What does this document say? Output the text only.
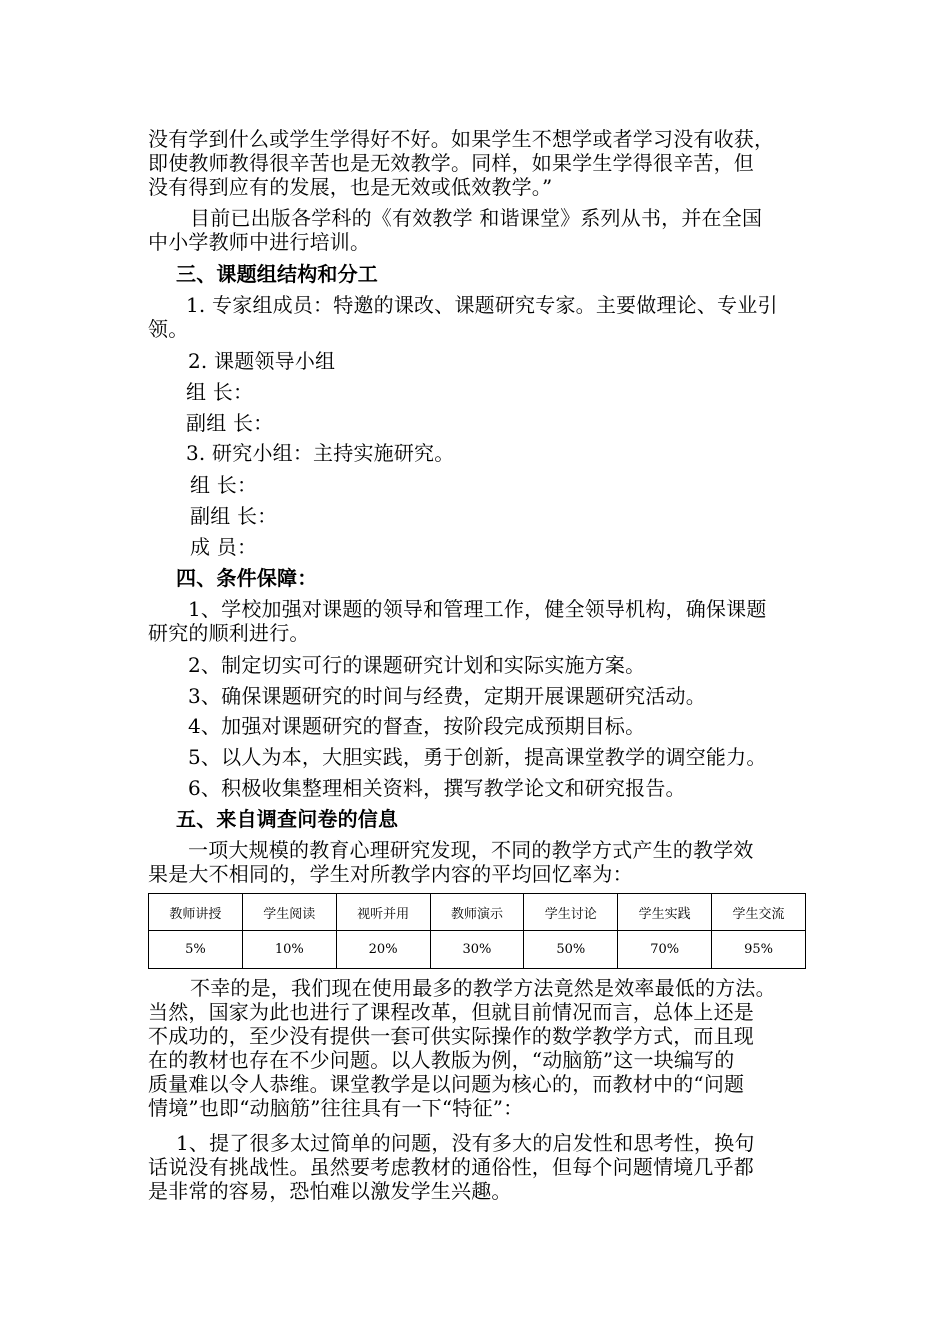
没有学到什么或学生学得好不好。如果学生不想学或者学习没有收获，
即使教师教得很辛苦也是无效教学。同样，如果学生学得很辛苦，但
没有得到应有的发展，也是无效或低效教学。”
目前已出版各学科的《有效教学 和谐课堂》系列从书，并在全国
中小学教师中进行培训。
三、课题组结构和分工
1. 专家组成员：特邀的课改、课题研究专家。主要做理论、专业引
领。
2. 课题领导小组
组 长：
副组 长：
3. 研究小组：主持实施研究。
组 长：
副组 长：
成 员：
四、条件保障：
1、学校加强对课题的领导和管理工作，健全领导机构，确保课题
研究的顺利进行。
2、制定切实可行的课题研究计划和实际实施方案。
3、确保课题研究的时间与经费，定期开展课题研究活动。
4、加强对课题研究的督查，按阶段完成预期目标。
5、以人为本，大胆实践，勇于创新，提高课堂教学的调空能力。
6、积极收集整理相关资料，撰写教学论文和研究报告。
五、来自调查问卷的信息
一项大规模的教育心理研究发现，不同的教学方式产生的教学效
果是大不相同的，学生对所教学内容的平均回忆率为：
教师讲授	学生阅读	视听并用	教师演示	学生讨论	学生实践	学生交流
5%	10%	20%	30%	50%	70%	95%
不幸的是，我们现在使用最多的教学方法竟然是效率最低的方法。
当然，国家为此也进行了课程改革，但就目前情况而言，总体上还是
不成功的，至少没有提供一套可供实际操作的数学教学方式，而且现
在的教材也存在不少问题。以人教版为例，“动脑筋”这一块编写的
质量难以令人恭维。课堂教学是以问题为核心的，而教材中的“问题
情境”也即“动脑筋”往往具有一下“特征”：
1、提了很多太过简单的问题，没有多大的启发性和思考性，换句
话说没有挑战性。虽然要考虑教材的通俗性，但每个问题情境几乎都
是非常的容易，恐怕难以激发学生兴趣。
